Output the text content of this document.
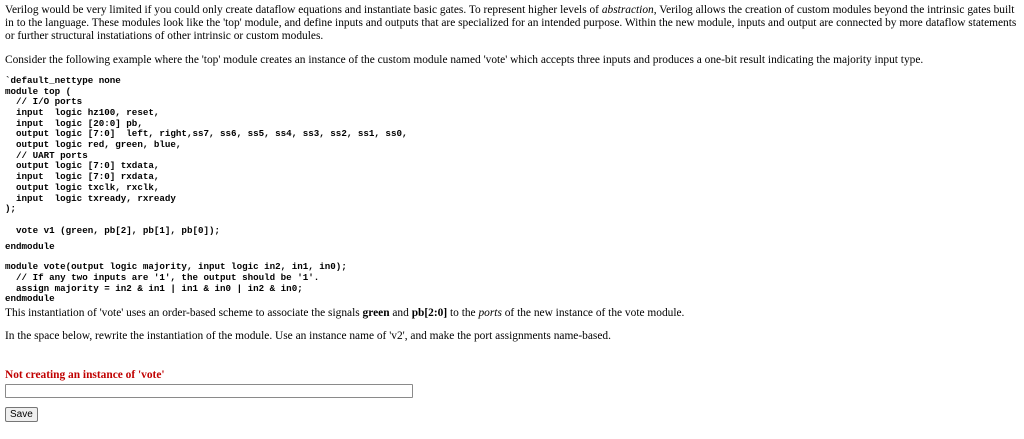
Verilog would be very limited if you could only create dataflow equations and instantiate basic gates. To represent higher levels of abstraction, Verilog allows the creation of custom modules beyond the intrinsic gates built in to the language. These modules look like the 'top' module, and define inputs and outputs that are specialized for an intended purpose. Within the new module, inputs and output are connected by more dataflow statements or further structural instatiations of other intrinsic or custom modules.

Consider the following example where the 'top' module creates an instance of the custom module named 'vote' which accepts three inputs and produces a one-bit result indicating the majority input type.

`default_nettype none
module top (
// I/O ports
input  logic hz100, reset,
input  logic [20:0] pb,
output logic [7:0]  left, right,ss7, ss6, ss5, ss4, ss3, ss2, ss1, ss0,
output logic red, green, blue,
// UART ports
output logic [7:0] txdata,
input  logic [7:0] rxdata,
output logic txclk, rxclk,
input  logic txready, rxready
);
vote v1 (green, pb[2], pb[1], pb[0]);
endmodule
module vote(output logic majority, input logic in2, in1, in0);
// If any two inputs are '1', the output should be '1'.
assign majority = in2 & in1 | in1 & in0 | in2 & in0;
endmodule

This instantiation of 'vote' uses an order-based scheme to associate the signals green and pb[2:0] to the ports of the new instance of the vote module.

In the space below, rewrite the instantiation of the module. Use an instance name of 'v2', and make the port assignments name-based.

Not creating an instance of 'vote'
Save
